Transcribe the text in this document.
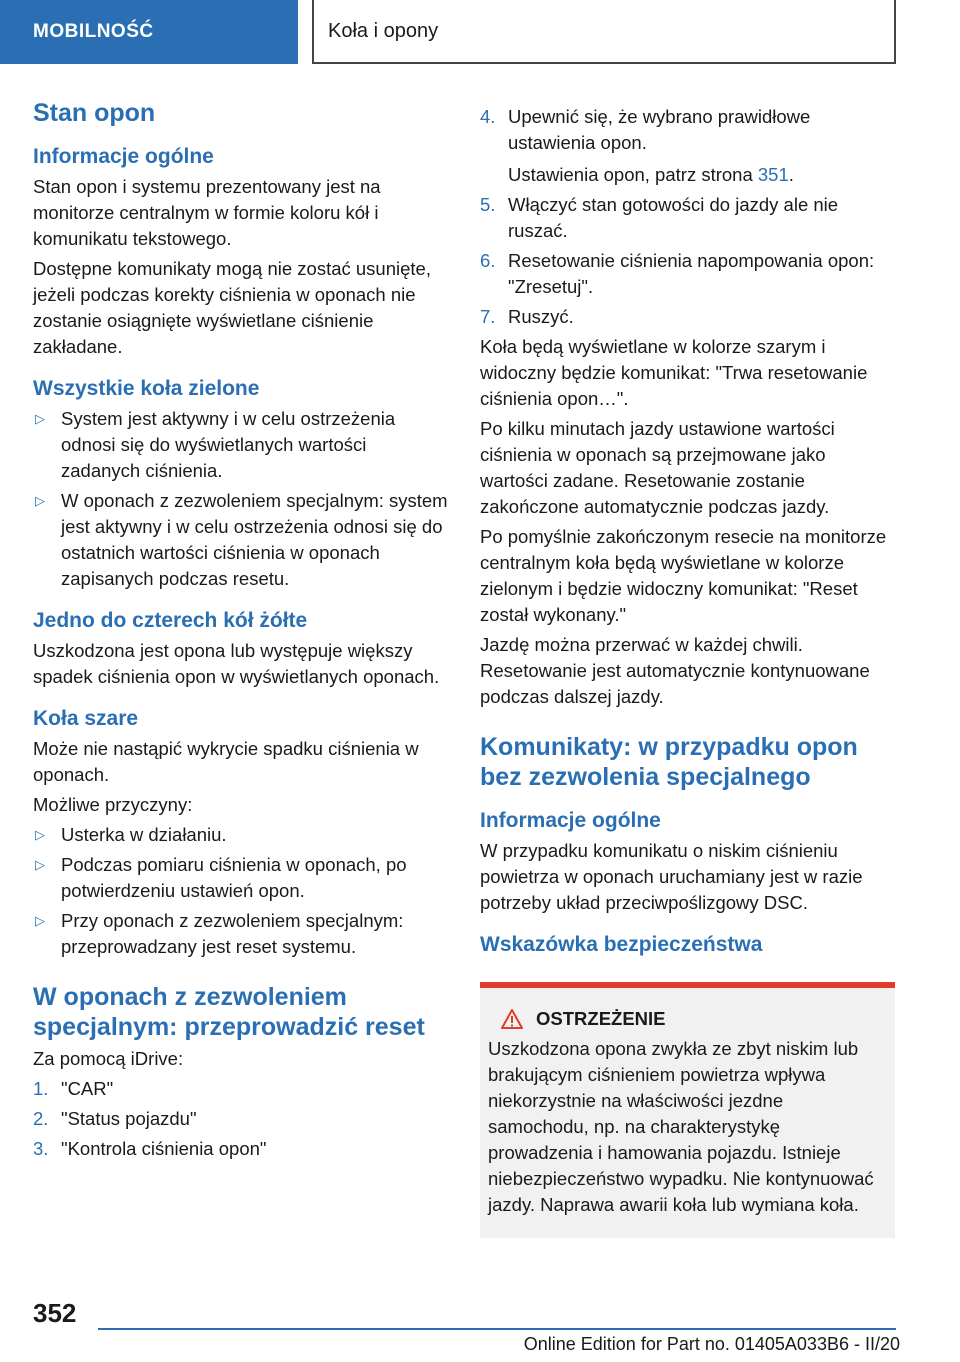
MOBILNOŚĆ	Koła i opony
Stan opon
Informacje ogólne

Stan opon i systemu prezentowany jest na monitorze centralnym w formie koloru kół i komunikatu tekstowego.

Dostępne komunikaty mogą nie zostać usunięte, jeżeli podczas korekty ciśnienia w oponach nie zostanie osiągnięte wyświetlane ciśnienie zakładane.

Wszystkie koła zielone
▷ System jest aktywny i w celu ostrzeżenia odnosi się do wyświetlanych wartości zadanych ciśnienia.
▷ W oponach z zezwoleniem specjalnym: system jest aktywny i w celu ostrzeżenia odnosi się do ostatnich wartości ciśnienia w oponach zapisanych podczas resetu.
Jedno do czterech kół żółte

Uszkodzona jest opona lub występuje większy spadek ciśnienia opon w wyświetlanych oponach.

Koła szare

Może nie nastąpić wykrycie spadku ciśnienia w oponach.

Możliwe przyczyny:

▷ Usterka w działaniu.
▷ Podczas pomiaru ciśnienia w oponach, po potwierdzeniu ustawień opon.
▷ Przy oponach z zezwoleniem specjalnym: przeprowadzany jest reset systemu.
W oponach z zezwoleniem specjalnym: przeprowadzić reset

Za pomocą iDrive:

1. "CAR"
2. "Status pojazdu"
3. "Kontrola ciśnienia opon"
4. Upewnić się, że wybrano prawidłowe ustawienia opon.

Ustawienia opon, patrz strona 351.

5. Włączyć stan gotowości do jazdy ale nie ruszać.
6. Resetowanie ciśnienia napompowania opon: "Zresetuj".
7. Ruszyć.

Koła będą wyświetlane w kolorze szarym i widoczny będzie komunikat: "Trwa resetowanie ciśnienia opon…".

Po kilku minutach jazdy ustawione wartości ciśnienia w oponach są przejmowane jako wartości zadane. Resetowanie zostanie zakończone automatycznie podczas jazdy.

Po pomyślnie zakończonym resecie na monitorze centralnym koła będą wyświetlane w kolorze zielonym i będzie widoczny komunikat: "Reset został wykonany."

Jazdę można przerwać w każdej chwili. Resetowanie jest automatycznie kontynuowane podczas dalszej jazdy.

Komunikaty: w przypadku opon bez zezwolenia specjalnego
Informacje ogólne

W przypadku komunikatu o niskim ciśnieniu powietrza w oponach uruchamiany jest w razie potrzeby układ przeciwpoślizgowy DSC.

Wskazówka bezpieczeństwa
OSTRZEŻENIE
Uszkodzona opona zwykła ze zbyt niskim lub brakującym ciśnieniem powietrza wpływa niekorzystnie na właściwości jezdne samochodu, np. na charakterystykę prowadzenia i hamowania pojazdu. Istnieje niebezpieczeństwo wypadku. Nie kontynuować jazdy. Naprawa awarii koła lub wymiana koła.
352
Online Edition for Part no. 01405A033B6 - II/20
